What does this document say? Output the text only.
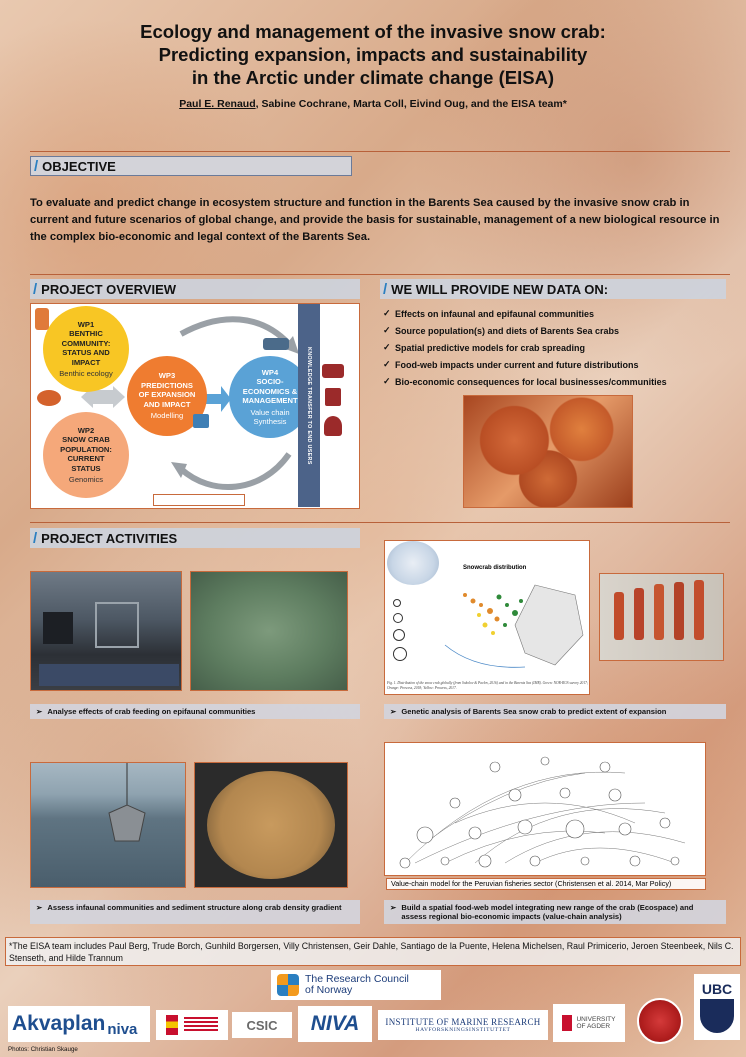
Ecology and management of the invasive snow crab:
Predicting expansion, impacts and sustainability
in the Arctic under climate change (EISA)
Paul E. Renaud, Sabine Cochrane, Marta Coll, Eivind Oug, and the EISA team*
/ OBJECTIVE
To evaluate and predict change in ecosystem structure and function in the Barents Sea caused by the invasive snow crab in current and future scenarios of global change, and provide the basis for sustainable, management of a new biological resource in the complex bio-economic and legal context of the Barents Sea.
/ PROJECT OVERVIEW
WP1
BENTHIC
COMMUNITY:
STATUS AND
IMPACT
Benthic ecology
WP2
SNOW CRAB
POPULATION:
CURRENT
STATUS
Genomics
WP3
PREDICTIONS
OF EXPANSION
AND IMPACT
Modelling
WP4
SOCIO-
ECONOMICS &
MANAGEMENT
Value chain
Synthesis	KNOWLEDGE TRANSFER TO END USERS
/ WE WILL PROVIDE NEW DATA ON:
✓ Effects on infaunal and epifaunal communities
✓ Source population(s) and diets of Barents Sea crabs
✓ Spatial predictive models for crab spreading
✓ Food-web impacts under current and future distributions
✓ Bio-economic consequences for local businesses/communities
/ PROJECT ACTIVITIES
➢ Analyse effects of crab feeding on epifaunal communities
Snowcrab distribution
Fig. 1. Distribution of the snow crab globally (from Sokolov & Pavlov, 2016) and in the Barents Sea (IMR). Green: NOR-RUS survey 2017; Orange: Prowess, 2018; Yellow: Prowess, 2017.
➢ Genetic analysis of Barents Sea snow crab to predict extent of expansion
➢ Assess infaunal communities and sediment structure along crab density gradient
Value-chain model for the Peruvian fisheries sector (Christensen et al. 2014, Mar Policy)
➢ Build a spatial food-web model integrating new range of the crab (Ecospace) and assess regional bio-economic impacts (value-chain analysis)
*The EISA team includes Paul Berg, Trude Borch, Gunhild Borgersen, Villy Christensen, Geir Dahle, Santiago de la Puente, Helena Michelsen, Raul Primicerio, Jeroen Steenbeek, Nils C. Stenseth, and Hilde Trannum
The Research Council
of Norway
Akvaplan niva	CSIC NIVA	INSTITUTE OF MARINE RESEARCH
HAVFORSKNINGSINSTITUTTET
UNIVERSITY
OF AGDER
UBC
Photos: Christian Skauge
